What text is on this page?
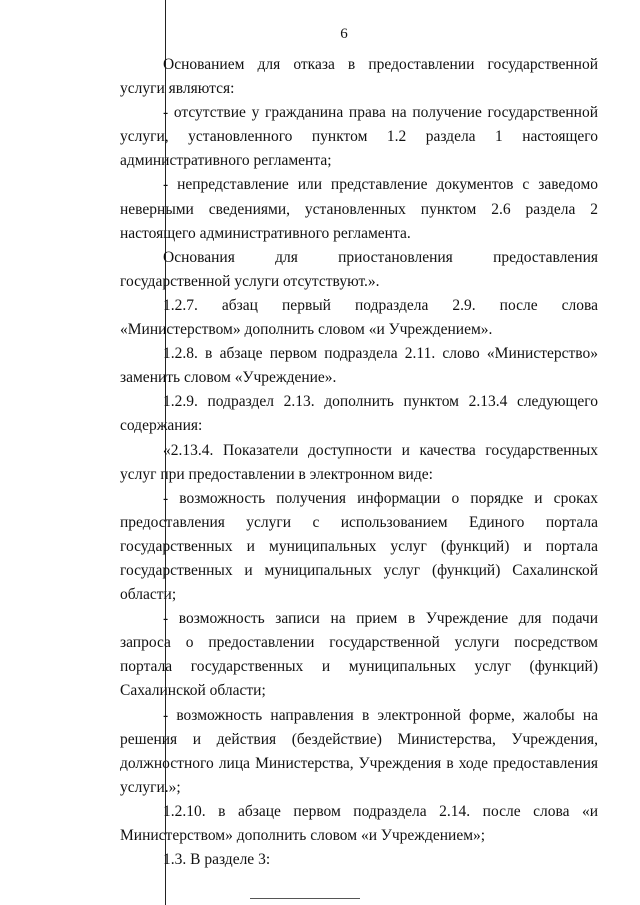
6

Основанием для отказа в предоставлении государственной услуги являются:

- отсутствие у гражданина права на получение государственной услуги, установленного пунктом 1.2 раздела 1 настоящего административного регламента;

- непредставление или представление документов с заведомо неверными сведениями, установленных пунктом 2.6 раздела 2 настоящего административного регламента.

Основания для приостановления предоставления государственной услуги отсутствуют.».

1.2.7. абзац первый подраздела 2.9. после слова «Министерством» дополнить словом «и Учреждением».

1.2.8. в абзаце первом подраздела 2.11. слово «Министерство» заменить словом «Учреждение».

1.2.9. подраздел 2.13. дополнить пунктом 2.13.4 следующего содержания:

«2.13.4. Показатели доступности и качества государственных услуг при предоставлении в электронном виде:

- возможность получения информации о порядке и сроках предоставления услуги с использованием Единого портала государственных и муниципальных услуг (функций) и портала государственных и муниципальных услуг (функций) Сахалинской области;

- возможность записи на прием в Учреждение для подачи запроса о предоставлении государственной услуги посредством портала государственных и муниципальных услуг (функций) Сахалинской области;

- возможность направления в электронной форме, жалобы на решения и действия (бездействие) Министерства, Учреждения, должностного лица Министерства, Учреждения в ходе предоставления услуги.»;

1.2.10. в абзаце первом подраздела 2.14. после слова «и Министерством» дополнить словом «и Учреждением»;

1.3. В разделе 3:
